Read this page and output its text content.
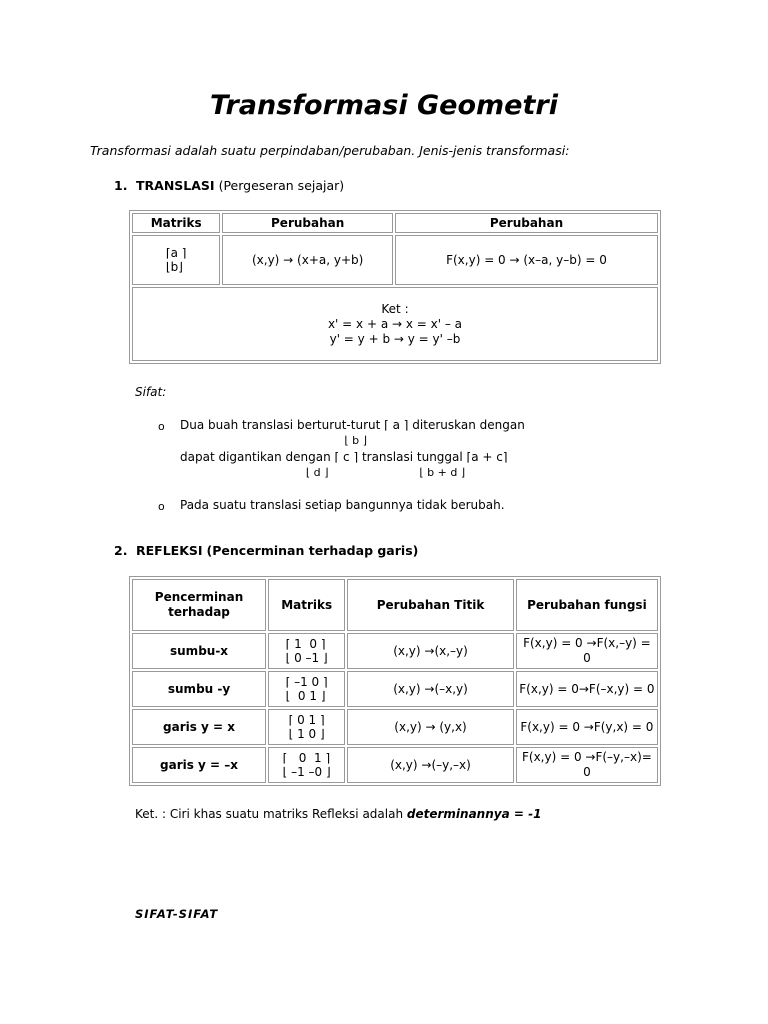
Transformasi Geometri
Transformasi adalah suatu perpindaban/perubaban. Jenis-jenis transformasi:
1. TRANSLASI (Pergeseran sejajar)
Matriks	Perubahan	Perubahan
⌈a ⌉
⌊b⌋	(x,y) → (x+a, y+b)	F(x,y) = 0 → (x–a, y–b) = 0

Ket :
x' = x + a → x = x' – a
y' = y + b → y = y' –b		
Sifat:
o Dua buah translasi berturut-turut ⌈ a ⌉ diteruskan dengan
⌊ b ⌋
dapat digantikan dengan ⌈ c ⌉ translasi tunggal ⌈a + c⌉
⌊ d ⌋                          ⌊ b + d ⌋
o Pada suatu translasi setiap bangunnya tidak berubah.
2. REFLEKSI (Pencerminan terhadap garis)
Pencerminan terhadap	Matriks	Perubahan Titik	Perubahan fungsi
sumbu-x	⌈ 1  0 ⌉
⌊ 0 –1 ⌋	(x,y) →(x,–y)	F(x,y) = 0 →F(x,–y) = 0
sumbu -y	⌈ –1 0 ⌉
⌊  0 1 ⌋	(x,y) →(–x,y)	F(x,y) = 0→F(–x,y) = 0
garis y = x	⌈ 0 1 ⌉
⌊ 1 0 ⌋	(x,y) → (y,x)	F(x,y) = 0 →F(y,x) = 0
garis y = –x	⌈   0  1 ⌉
⌊ –1 –0 ⌋	(x,y) →(–y,–x)	F(x,y) = 0 →F(–y,–x)= 0
Ket. : Ciri khas suatu matriks Refleksi adalah determinannya = -1
SIFAT-SIFAT
